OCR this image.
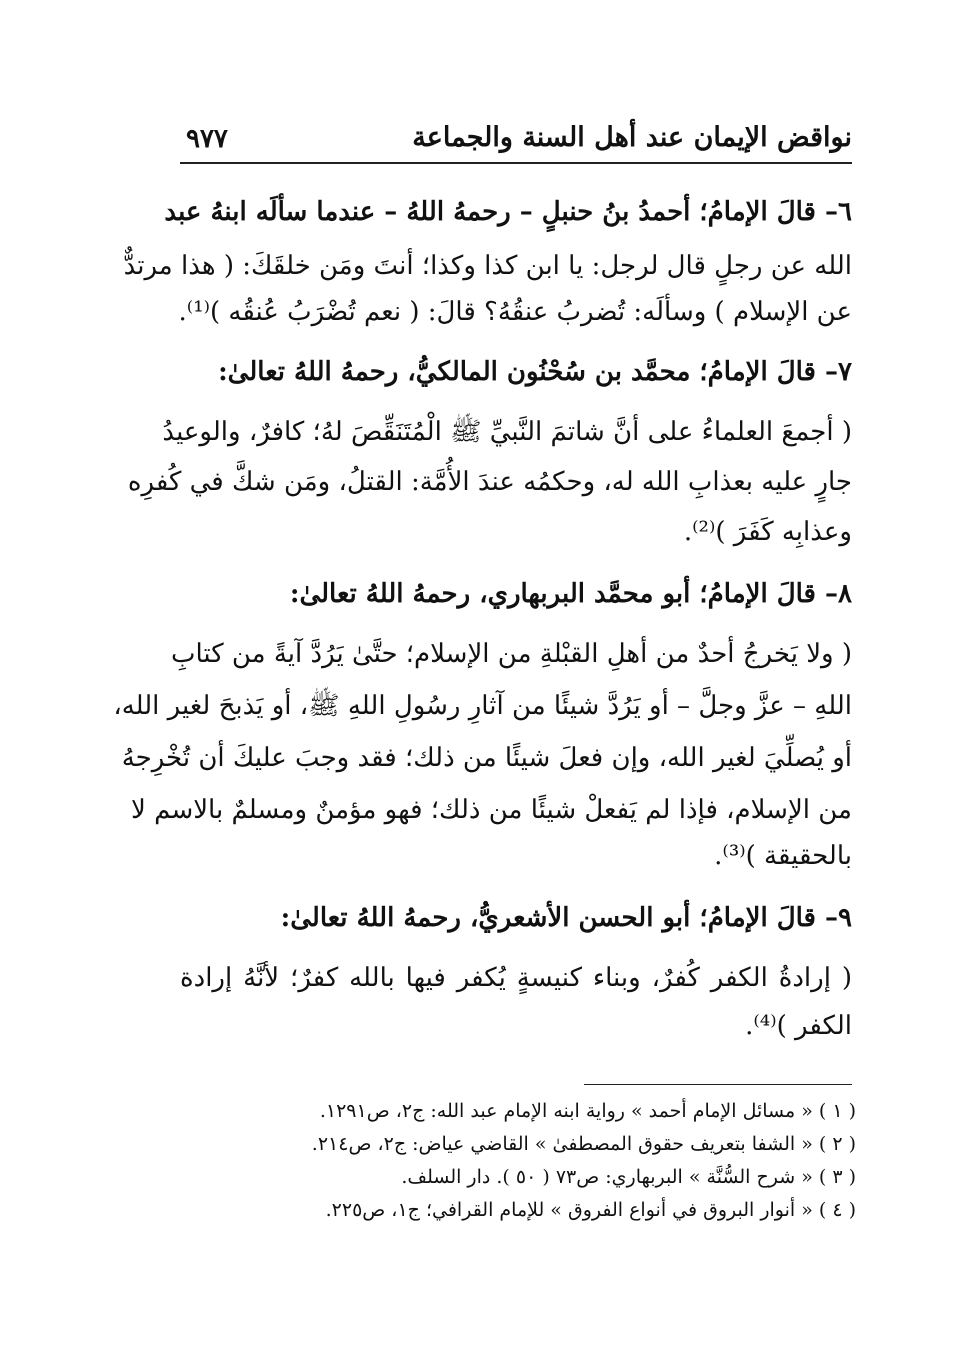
نواقض الإيمان عند أهل السنة والجماعة
٩٧٧
٦– قالَ الإمامُ؛ أحمدُ بنُ حنبلٍ – رحمهُ اللهُ – عندما سألَه ابنهُ عبد
الله عن رجلٍ قال لرجل: يا ابن كذا وكذا؛ أنتَ ومَن خلقَكَ: ( هذا مرتدٌّ
عن الإسلام ) وسألَه: تُضربُ عنقُهُ؟ قالَ: ( نعم تُضْرَبُ عُنقُه )⁽¹⁾.
٧– قالَ الإمامُ؛ محمَّد بن سُحْنُون المالكيُّ، رحمهُ اللهُ تعالىٰ:
( أجمعَ العلماءُ على أنَّ شاتمَ النَّبيِّ ﷺ الْمُتَنَقِّصَ لهُ؛ كافرٌ، والوعيدُ
جارٍ عليه بعذابِ الله له، وحكمُه عندَ الأُمَّة: القتلُ، ومَن شكَّ في كُفرِه
وعذابِه كَفَرَ )⁽²⁾.
٨– قالَ الإمامُ؛ أبو محمَّد البربهاري، رحمهُ اللهُ تعالىٰ:
( ولا يَخرجُ أحدٌ من أهلِ القبْلةِ من الإسلام؛ حتَّىٰ يَرُدَّ آيةً من كتابِ
اللهِ – عزَّ وجلَّ – أو يَرُدَّ شيئًا من آثارِ رسُولِ اللهِ ﷺ، أو يَذبحَ لغير الله،
أو يُصلِّيَ لغير الله، وإن فعلَ شيئًا من ذلك؛ فقد وجبَ عليكَ أن تُخْرِجهُ
من الإسلام، فإذا لم يَفعلْ شيئًا من ذلك؛ فهو مؤمنٌ ومسلمٌ بالاسم لا
بالحقيقة )⁽³⁾.
٩– قالَ الإمامُ؛ أبو الحسن الأشعريُّ، رحمهُ اللهُ تعالىٰ:
( إرادةُ الكفر كُفرٌ، وبناء كنيسةٍ يُكفر فيها بالله كفرٌ؛ لأنَّهُ إرادة
الكفر )⁽⁴⁾.
( ١ ) « مسائل الإمام أحمد » رواية ابنه الإمام عبد الله: ج٢، ص١٢٩١.
( ٢ ) « الشفا بتعريف حقوق المصطفىٰ » القاضي عياض: ج٢، ص٢١٤.
( ٣ ) « شرح السُّنَّة » البربهاري: ص٧٣ ( ٥٠ ). دار السلف.
( ٤ ) « أنوار البروق في أنواع الفروق » للإمام القرافي؛ ج١، ص٢٢٥.
